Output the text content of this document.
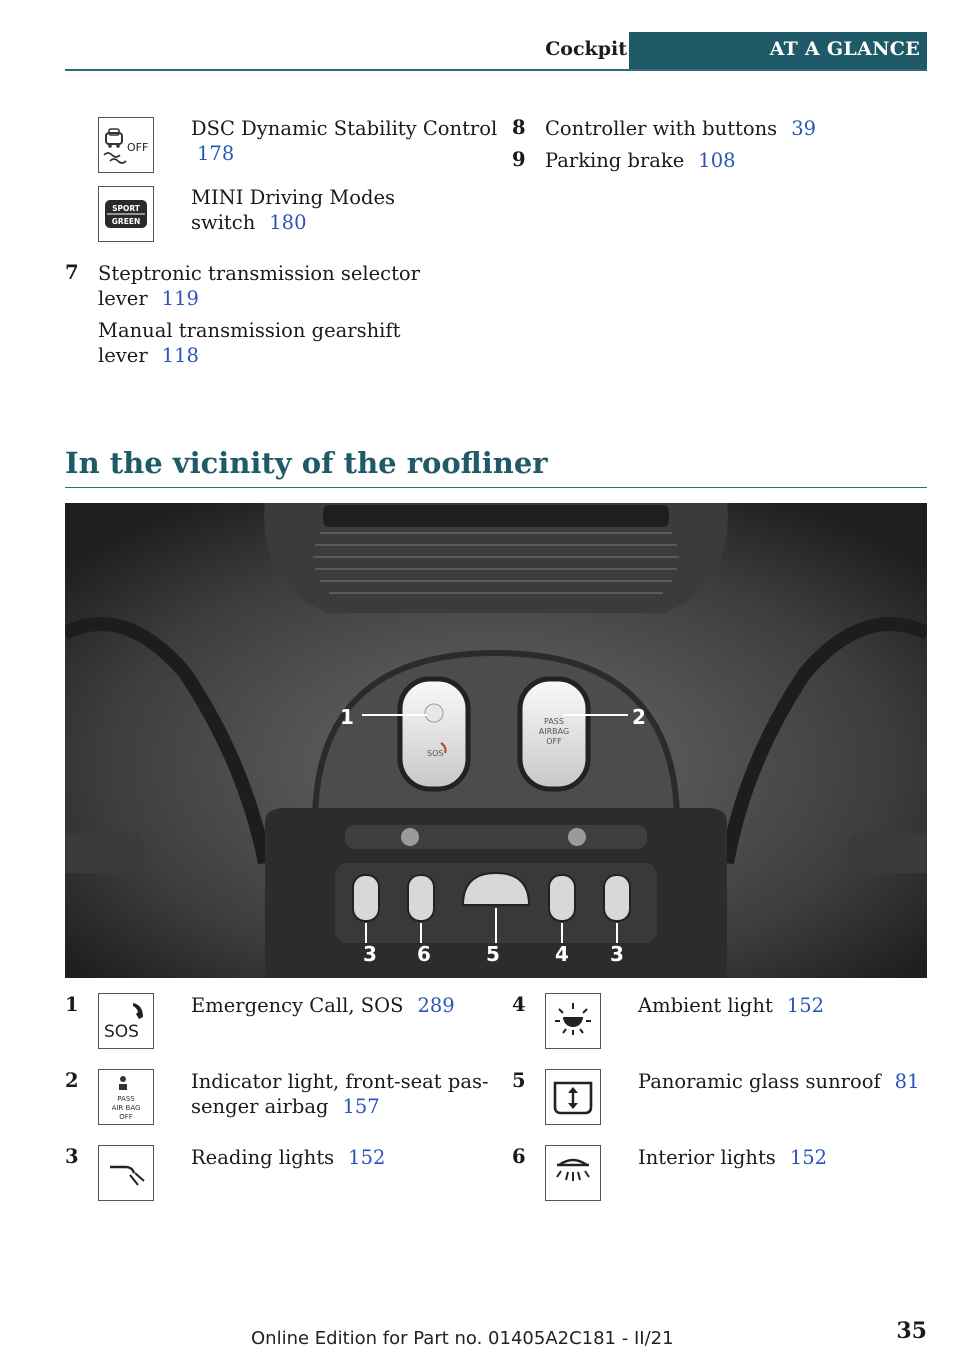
Cockpit	AT A GLANCE
OFF
DSC Dynamic Stability Control
178
SPORT
GREEN
MINI Driving Modes
switch 180
7 Steptronic transmission selector
lever 119
Manual transmission gearshift
lever 118
8 Controller with buttons 39
9 Parking brake 108
In the vicinity of the roofliner
SOS
PASS
AIRBAG
OFF
1	2
3 6	5	4 3
1
SOS
Emergency Call, SOS 289
2
PASS
AIR BAG
OFF
Indicator light, front-seat pas-
senger airbag 157
3	Reading lights 152
4	Ambient light 152
5	Panoramic glass sunroof 81
6	Interior lights 152
Online Edition for Part no. 01405A2C181 - II/21	35
